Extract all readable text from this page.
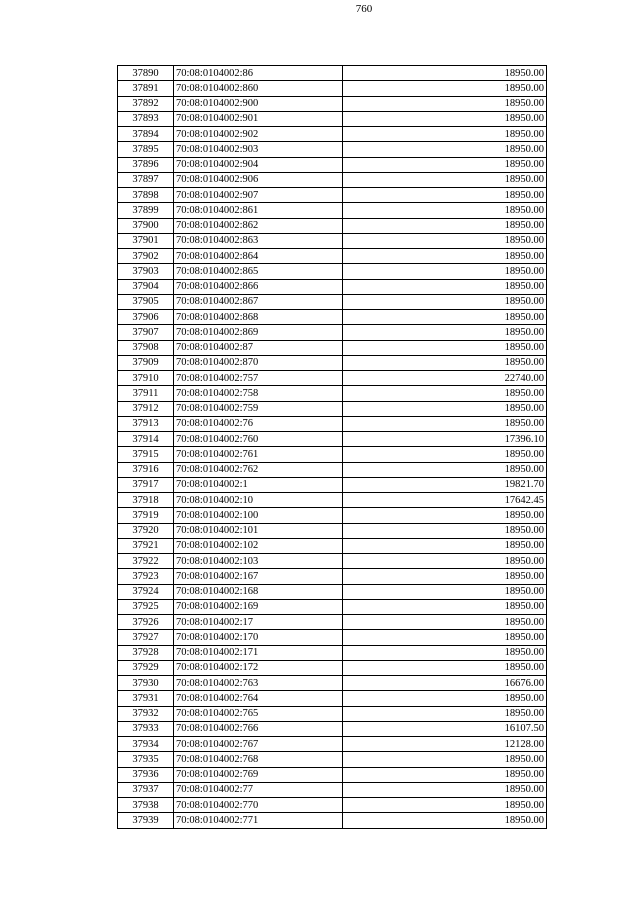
760
37890	70:08:0104002:86	18950.00
37891	70:08:0104002:860	18950.00
37892	70:08:0104002:900	18950.00
37893	70:08:0104002:901	18950.00
37894	70:08:0104002:902	18950.00
37895	70:08:0104002:903	18950.00
37896	70:08:0104002:904	18950.00
37897	70:08:0104002:906	18950.00
37898	70:08:0104002:907	18950.00
37899	70:08:0104002:861	18950.00
37900	70:08:0104002:862	18950.00
37901	70:08:0104002:863	18950.00
37902	70:08:0104002:864	18950.00
37903	70:08:0104002:865	18950.00
37904	70:08:0104002:866	18950.00
37905	70:08:0104002:867	18950.00
37906	70:08:0104002:868	18950.00
37907	70:08:0104002:869	18950.00
37908	70:08:0104002:87	18950.00
37909	70:08:0104002:870	18950.00
37910	70:08:0104002:757	22740.00
37911	70:08:0104002:758	18950.00
37912	70:08:0104002:759	18950.00
37913	70:08:0104002:76	18950.00
37914	70:08:0104002:760	17396.10
37915	70:08:0104002:761	18950.00
37916	70:08:0104002:762	18950.00
37917	70:08:0104002:1	19821.70
37918	70:08:0104002:10	17642.45
37919	70:08:0104002:100	18950.00
37920	70:08:0104002:101	18950.00
37921	70:08:0104002:102	18950.00
37922	70:08:0104002:103	18950.00
37923	70:08:0104002:167	18950.00
37924	70:08:0104002:168	18950.00
37925	70:08:0104002:169	18950.00
37926	70:08:0104002:17	18950.00
37927	70:08:0104002:170	18950.00
37928	70:08:0104002:171	18950.00
37929	70:08:0104002:172	18950.00
37930	70:08:0104002:763	16676.00
37931	70:08:0104002:764	18950.00
37932	70:08:0104002:765	18950.00
37933	70:08:0104002:766	16107.50
37934	70:08:0104002:767	12128.00
37935	70:08:0104002:768	18950.00
37936	70:08:0104002:769	18950.00
37937	70:08:0104002:77	18950.00
37938	70:08:0104002:770	18950.00
37939	70:08:0104002:771	18950.00
